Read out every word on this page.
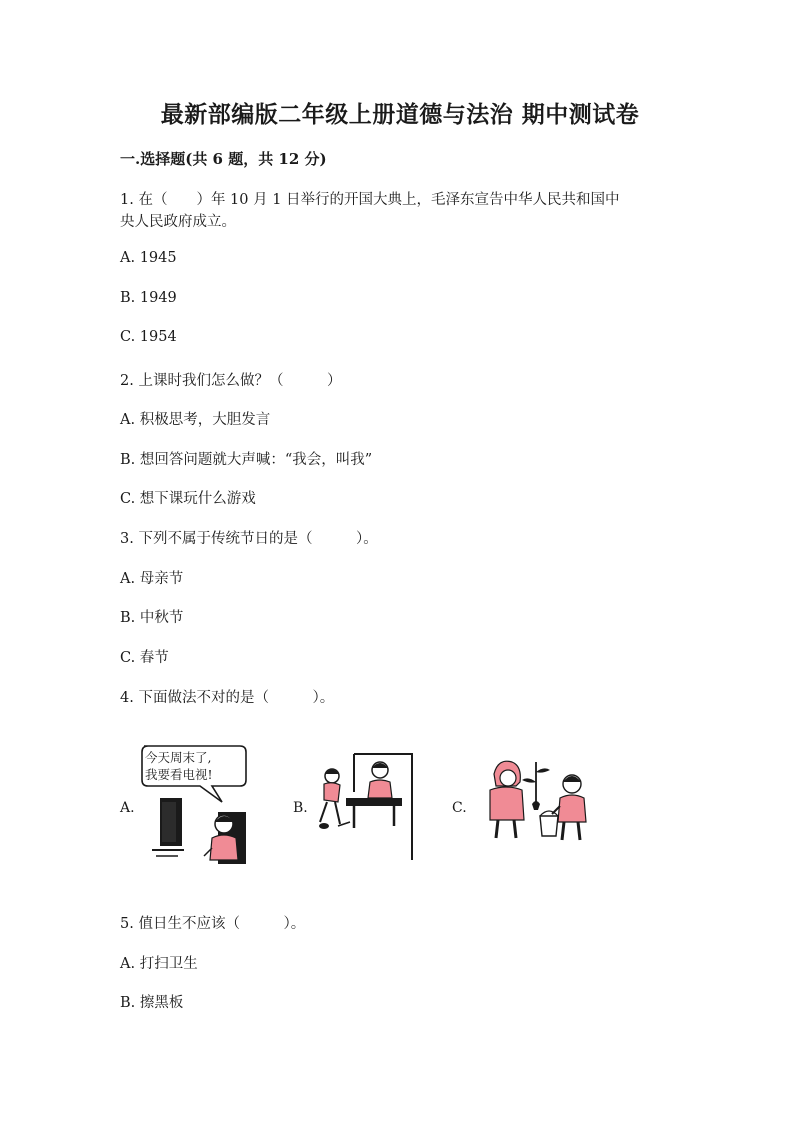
最新部编版二年级上册道德与法治 期中测试卷
一.选择题(共 6 题，共 12 分)
1. 在（　　）年 10 月 1 日举行的开国大典上，毛泽东宣告中华人民共和国中
央人民政府成立。
A. 1945
B. 1949
C. 1954
2. 上课时我们怎么做？（　　　）
A. 积极思考，大胆发言
B. 想回答问题就大声喊：“我会，叫我”
C. 想下课玩什么游戏
3. 下列不属于传统节日的是（　　　）。
A. 母亲节
B. 中秋节
C. 春节
4. 下面做法不对的是（　　　）。
A.
今天周末了,
我要看电视!
B.	C.
5. 值日生不应该（　　　）。
A. 打扫卫生
B. 擦黑板
